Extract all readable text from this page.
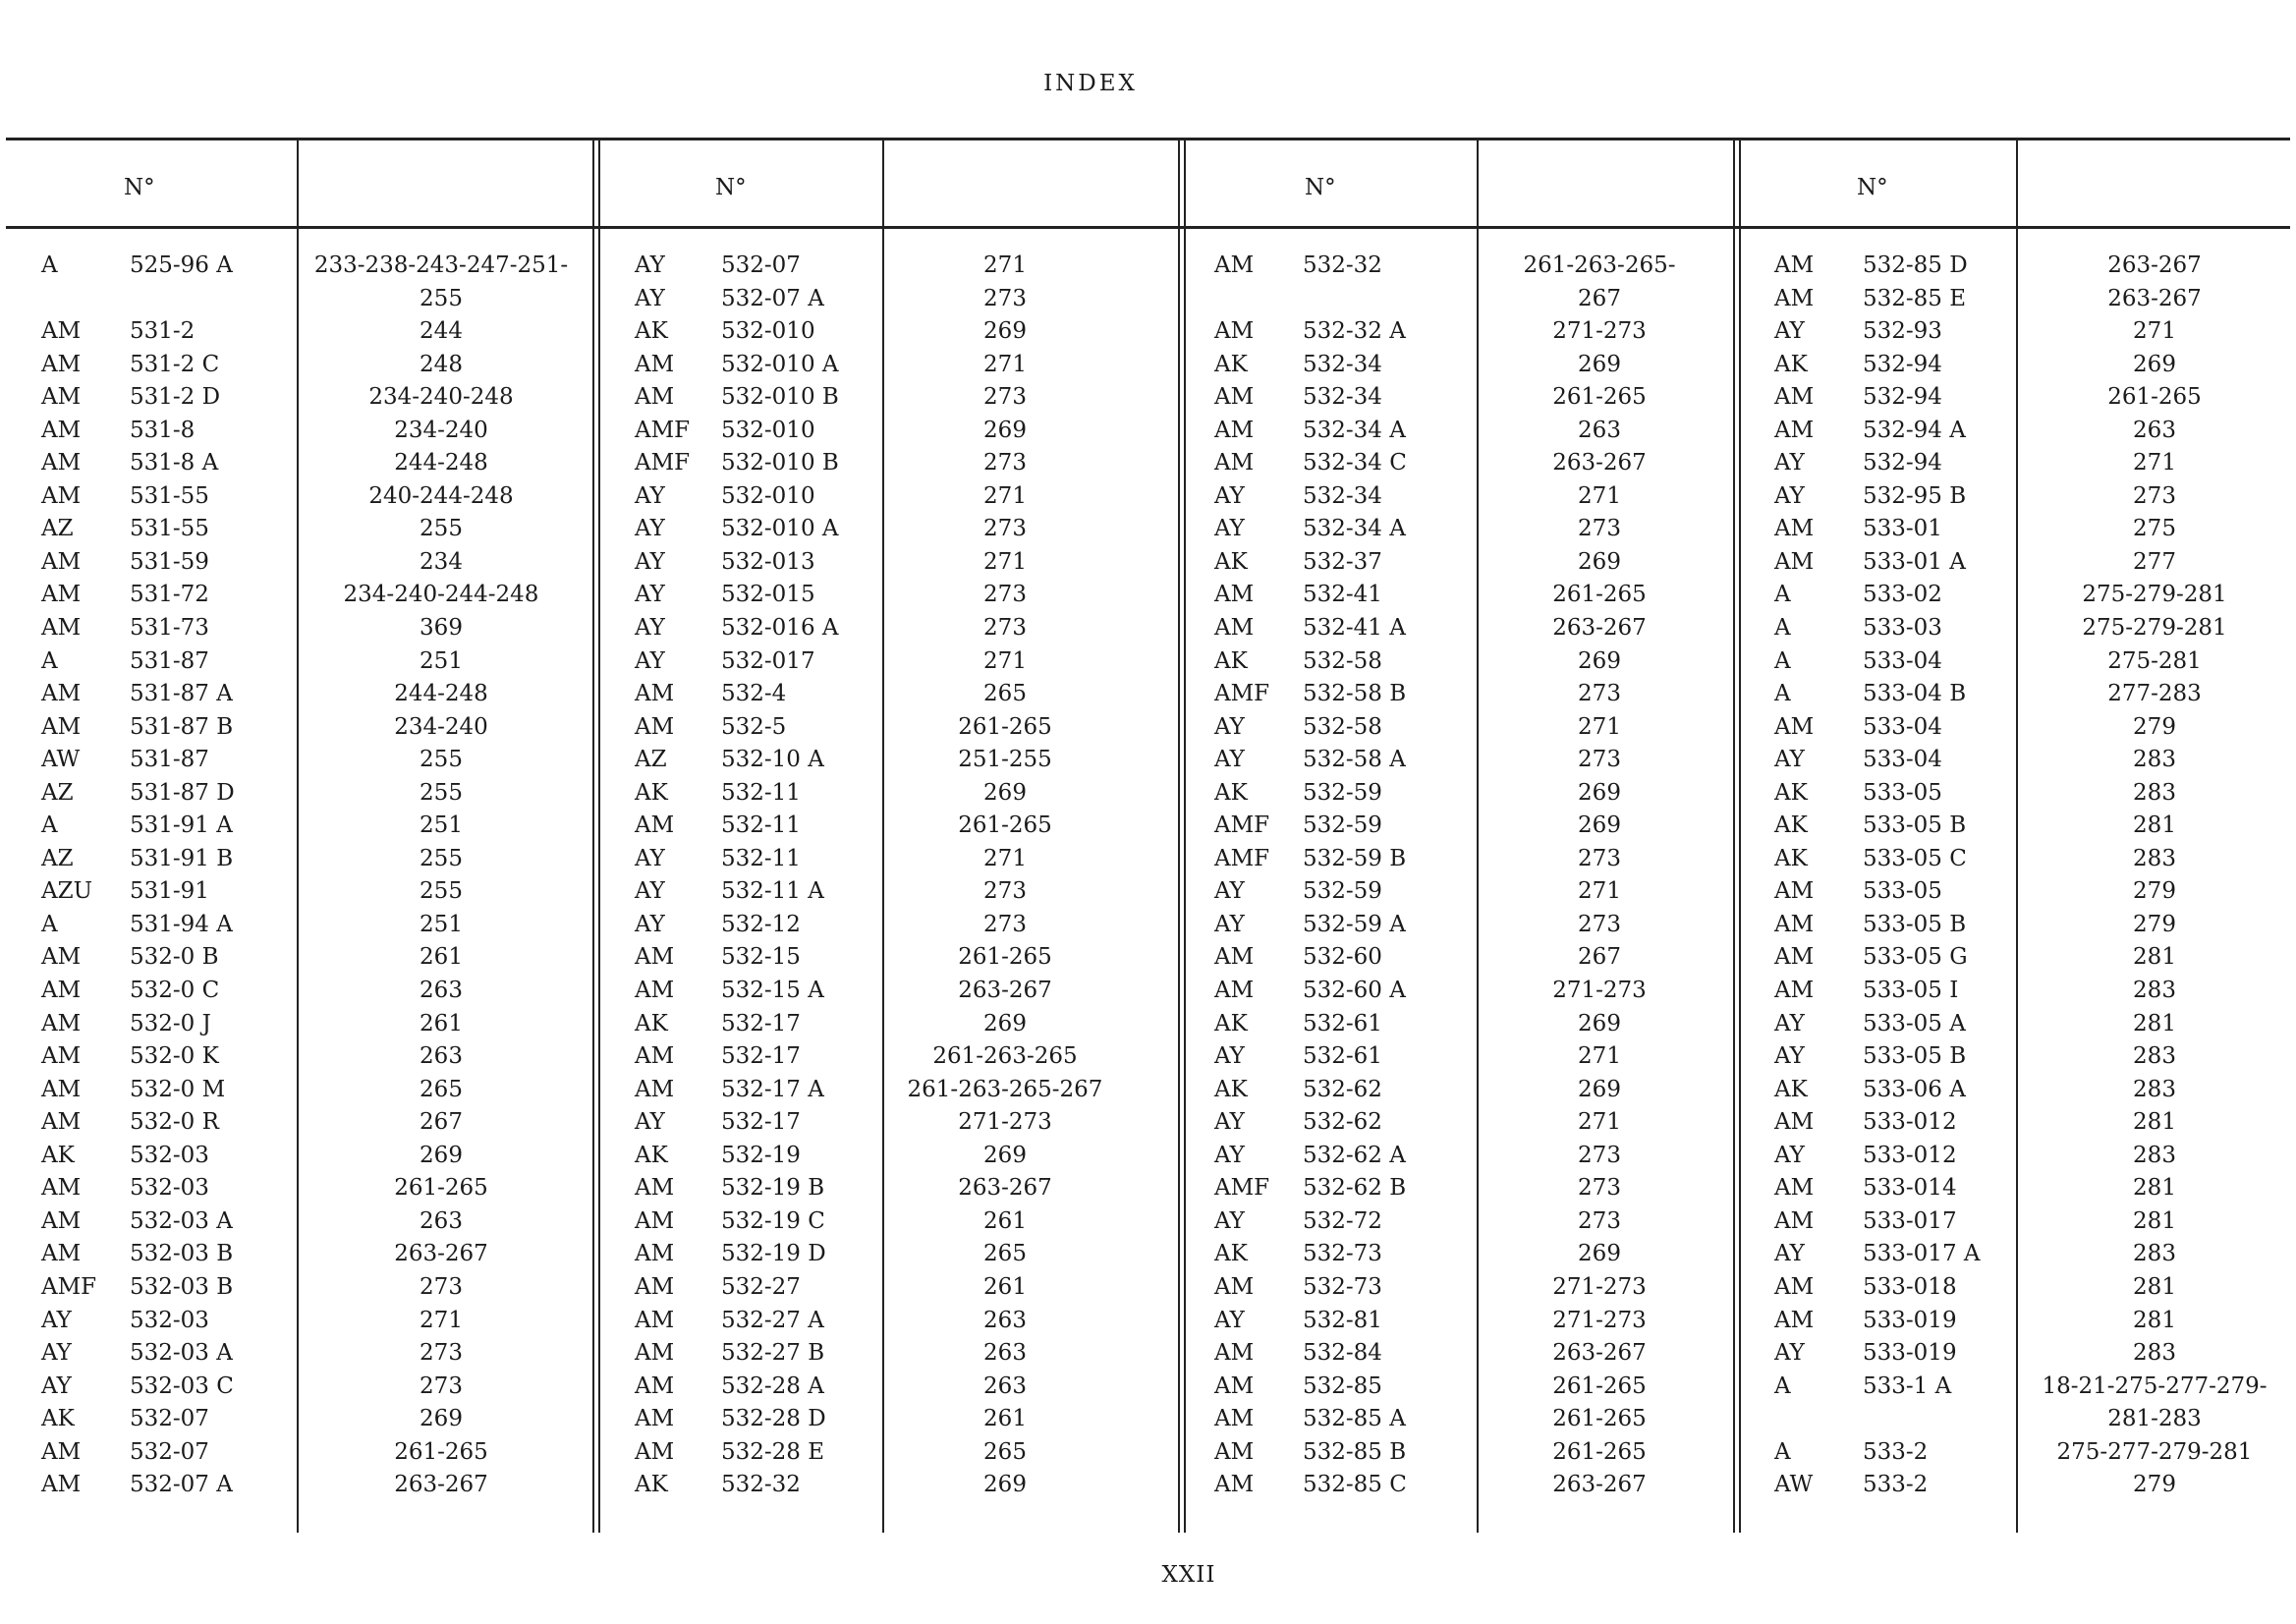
INDEX
N°	N°	N°	N°
A	525-96 A	233-238-243-247-251-
255
AM 531-2	244
AM 531-2 C	248
AM 531-2 D	234-240-248
AM 531-8	234-240
AM 531-8 A	244-248
AM 531-55	240-244-248
AZ 531-55	255
AM 531-59	234
AM 531-72	234-240-244-248
AM 531-73	369
A	531-87	251
AM 531-87 A	244-248
AM 531-87 B	234-240
AW 531-87	255
AZ 531-87 D	255
A	531-91 A	251
AZ 531-91 B	255
AZU 531-91	255
A	531-94 A	251
AM 532-0 B	261
AM 532-0 C	263
AM 532-0 J	261
AM 532-0 K	263
AM 532-0 M	265
AM 532-0 R	267
AK 532-03	269
AM 532-03	261-265
AM 532-03 A	263
AM 532-03 B	263-267
AMF 532-03 B	273
AY	532-03	271
AY	532-03 A	273
AY	532-03 C	273
AK 532-07	269
AM 532-07	261-265
AM 532-07 A	263-267
AY 532-07	271
AY 532-07 A	273
AK 532-010	269
AM 532-010 A	271
AM 532-010 B	273
AMF 532-010	269
AMF 532-010 B	273
AY 532-010	271
AY 532-010 A	273
AY 532-013	271
AY 532-015	273
AY 532-016 A	273
AY 532-017	271
AM 532-4	265
AM 532-5	261-265
AZ 532-10 A	251-255
AK 532-11	269
AM 532-11	261-265
AY 532-11	271
AY 532-11 A	273
AY 532-12	273
AM 532-15	261-265
AM 532-15 A	263-267
AK 532-17	269
AM 532-17	261-263-265
AM 532-17 A	261-263-265-267
AY 532-17	271-273
AK 532-19	269
AM 532-19 B	263-267
AM 532-19 C	261
AM 532-19 D	265
AM 532-27	261
AM 532-27 A	263
AM 532-27 B	263
AM 532-28 A	263
AM 532-28 D	261
AM 532-28 E	265
AK 532-32	269
AM 532-32	261-263-265-
267
AM 532-32 A	271-273
AK 532-34	269
AM 532-34	261-265
AM 532-34 A	263
AM 532-34 C	263-267
AY	532-34	271
AY	532-34 A	273
AK 532-37	269
AM 532-41	261-265
AM 532-41 A	263-267
AK 532-58	269
AMF 532-58 B	273
AY	532-58	271
AY	532-58 A	273
AK 532-59	269
AMF 532-59	269
AMF 532-59 B	273
AY	532-59	271
AY	532-59 A	273
AM 532-60	267
AM 532-60 A	271-273
AK 532-61	269
AY	532-61	271
AK 532-62	269
AY	532-62	271
AY	532-62 A	273
AMF 532-62 B	273
AY	532-72	273
AK 532-73	269
AM 532-73	271-273
AY	532-81	271-273
AM 532-84	263-267
AM 532-85	261-265
AM 532-85 A	261-265
AM 532-85 B	261-265
AM 532-85 C	263-267
AM 532-85 D	263-267
AM 532-85 E	263-267
AY	532-93	271
AK 532-94	269
AM 532-94	261-265
AM 532-94 A	263
AY	532-94	271
AY	532-95 B	273
AM 533-01	275
AM 533-01 A	277
A	533-02	275-279-281
A	533-03	275-279-281
A	533-04	275-281
A	533-04 B	277-283
AM 533-04	279
AY	533-04	283
AK 533-05	283
AK 533-05 B	281
AK 533-05 C	283
AM 533-05	279
AM 533-05 B	279
AM 533-05 G	281
AM 533-05 I	283
AY	533-05 A	281
AY	533-05 B	283
AK 533-06 A	283
AM 533-012	281
AY	533-012	283
AM 533-014	281
AM 533-017	281
AY	533-017 A	283
AM 533-018	281
AM 533-019	281
AY	533-019	283
A	533-1 A	18-21-275-277-279-
281-283
A	533-2	275-277-279-281
AW 533-2	279
XXII
